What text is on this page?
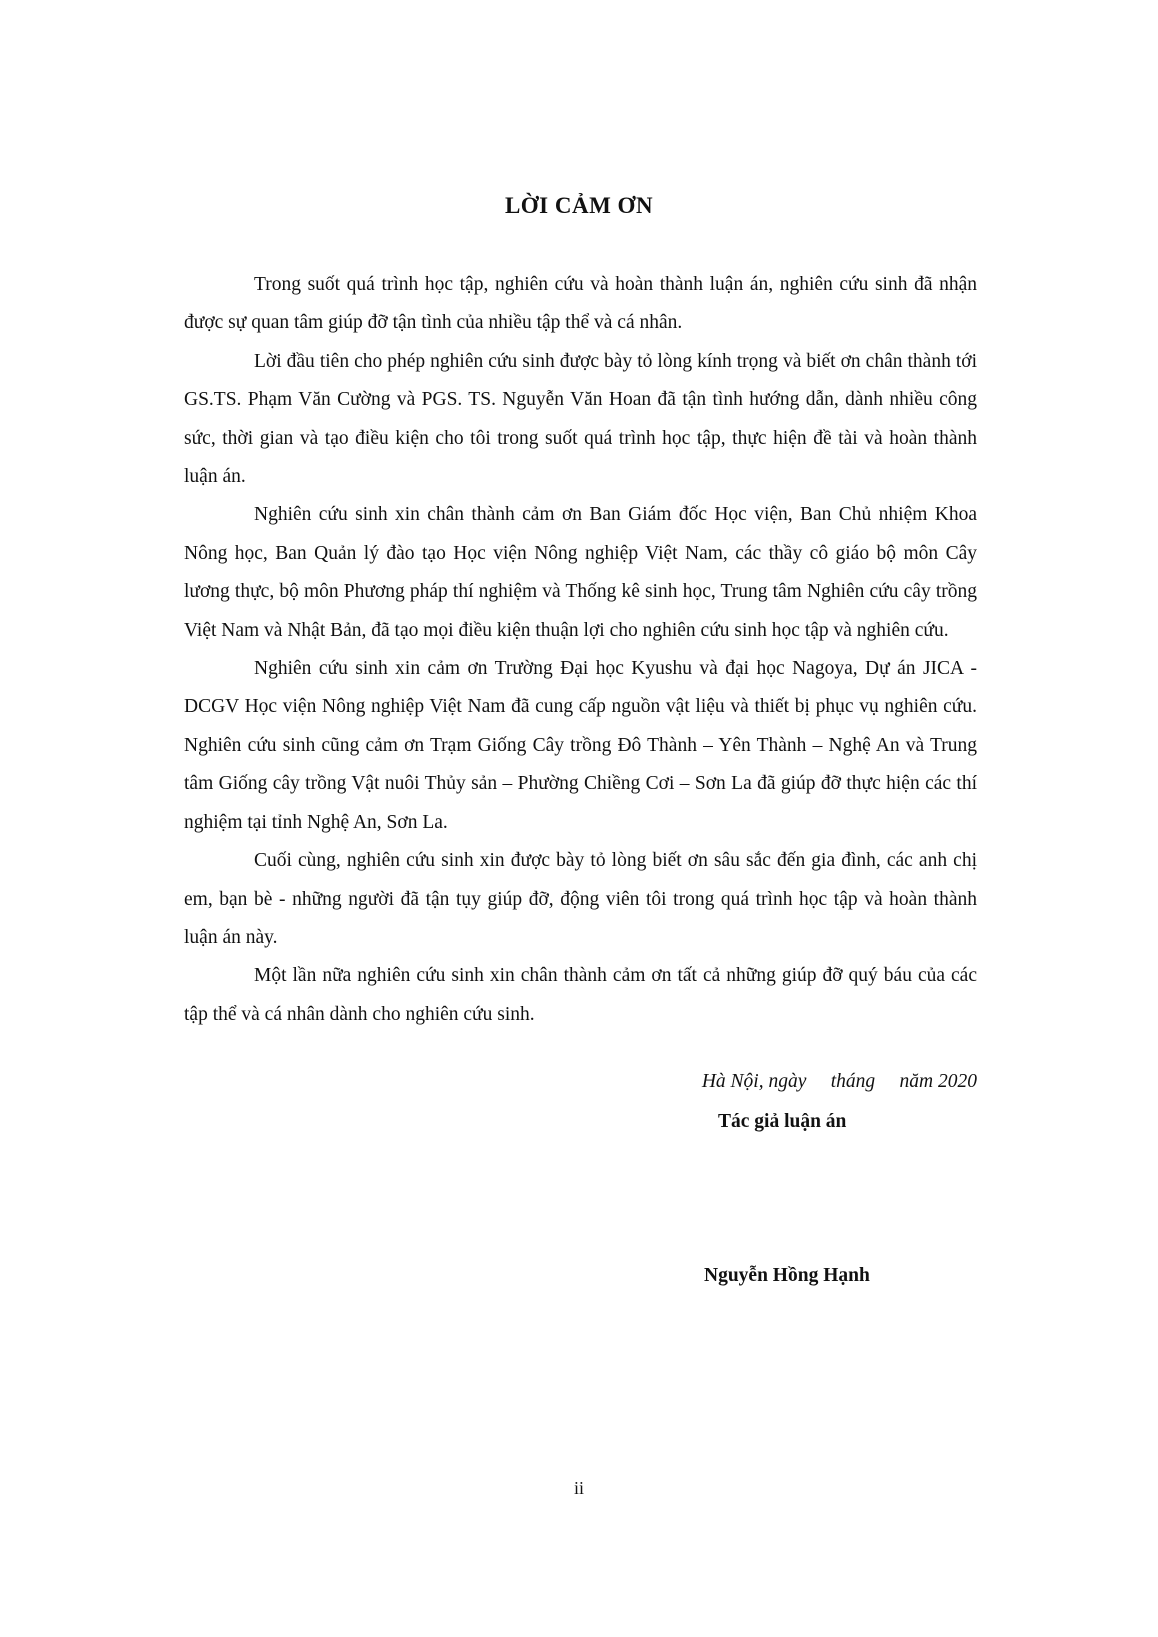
LỜI CẢM ƠN

Trong suốt quá trình học tập, nghiên cứu và hoàn thành luận án, nghiên cứu sinh đã nhận được sự quan tâm giúp đỡ tận tình của nhiều tập thể và cá nhân.

Lời đầu tiên cho phép nghiên cứu sinh được bày tỏ lòng kính trọng và biết ơn chân thành tới GS.TS. Phạm Văn Cường và PGS. TS. Nguyễn Văn Hoan đã tận tình hướng dẫn, dành nhiều công sức, thời gian và tạo điều kiện cho tôi trong suốt quá trình học tập, thực hiện đề tài và hoàn thành luận án.

Nghiên cứu sinh xin chân thành cảm ơn Ban Giám đốc Học viện, Ban Chủ nhiệm Khoa Nông học, Ban Quản lý đào tạo Học viện Nông nghiệp Việt Nam, các thầy cô giáo bộ môn Cây lương thực, bộ môn Phương pháp thí nghiệm và Thống kê sinh học, Trung tâm Nghiên cứu cây trồng Việt Nam và Nhật Bản, đã tạo mọi điều kiện thuận lợi cho nghiên cứu sinh học tập và nghiên cứu.

Nghiên cứu sinh xin cảm ơn Trường Đại học Kyushu và đại học Nagoya, Dự án JICA - DCGV Học viện Nông nghiệp Việt Nam đã cung cấp nguồn vật liệu và thiết bị phục vụ nghiên cứu. Nghiên cứu sinh cũng cảm ơn Trạm Giống Cây trồng Đô Thành – Yên Thành – Nghệ An và Trung tâm Giống cây trồng Vật nuôi Thủy sản – Phường Chiềng Cơi – Sơn La đã giúp đỡ thực hiện các thí nghiệm tại tỉnh Nghệ An, Sơn La.

Cuối cùng, nghiên cứu sinh xin được bày tỏ lòng biết ơn sâu sắc đến gia đình, các anh chị em, bạn bè - những người đã tận tụy giúp đỡ, động viên tôi trong quá trình học tập và hoàn thành luận án này.

Một lần nữa nghiên cứu sinh xin chân thành cảm ơn tất cả những giúp đỡ quý báu của các tập thể và cá nhân dành cho nghiên cứu sinh.

Hà Nội, ngày     tháng     năm 2020
Tác giả luận án
Nguyễn Hồng Hạnh
ii
